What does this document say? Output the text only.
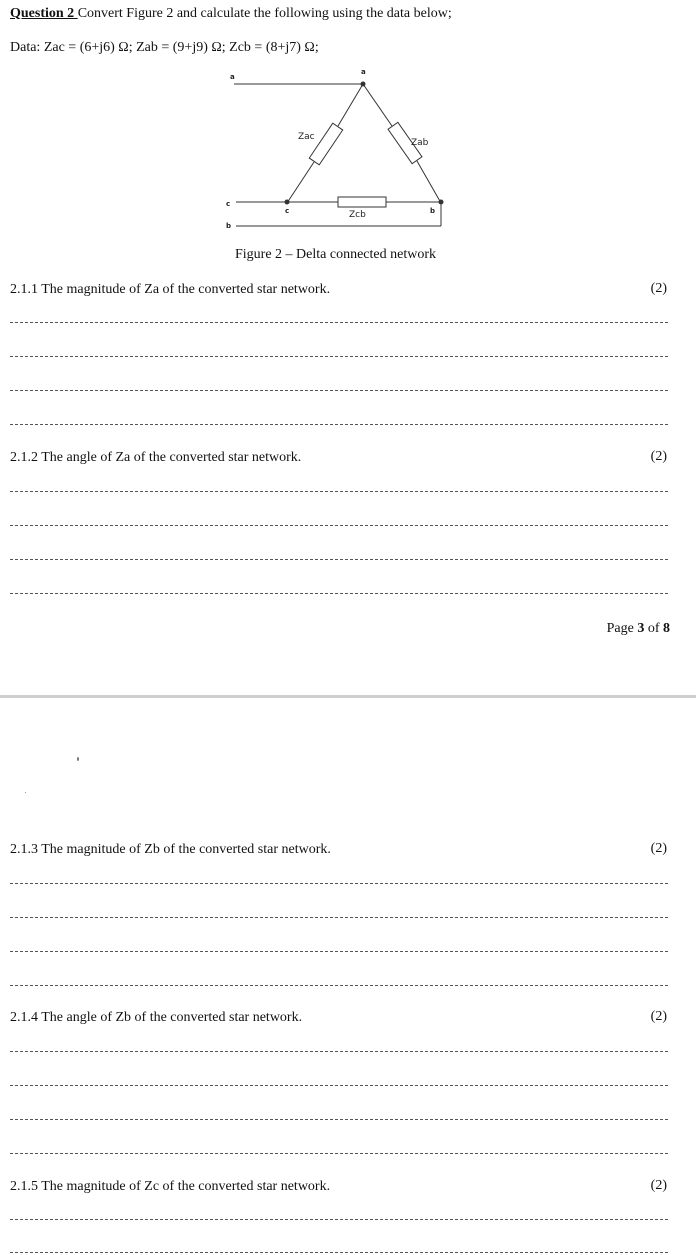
Question 2 Convert Figure 2 and calculate the following using the data below;
Data: Zac = (6+j6) Ω; Zab = (9+j9) Ω; Zcb = (8+j7) Ω;
a
a
c
b
c	b
Zac
Zab
Zcb
Figure 2 – Delta connected network
2.1.1 The magnitude of Za of the converted star network.	(2)
2.1.2 The angle of Za of the converted star network.	(2)
Page 3 of 8
2.1.3 The magnitude of Zb of the converted star network.	(2)
2.1.4 The angle of Zb of the converted star network.	(2)
2.1.5 The magnitude of Zc of the converted star network.	(2)
